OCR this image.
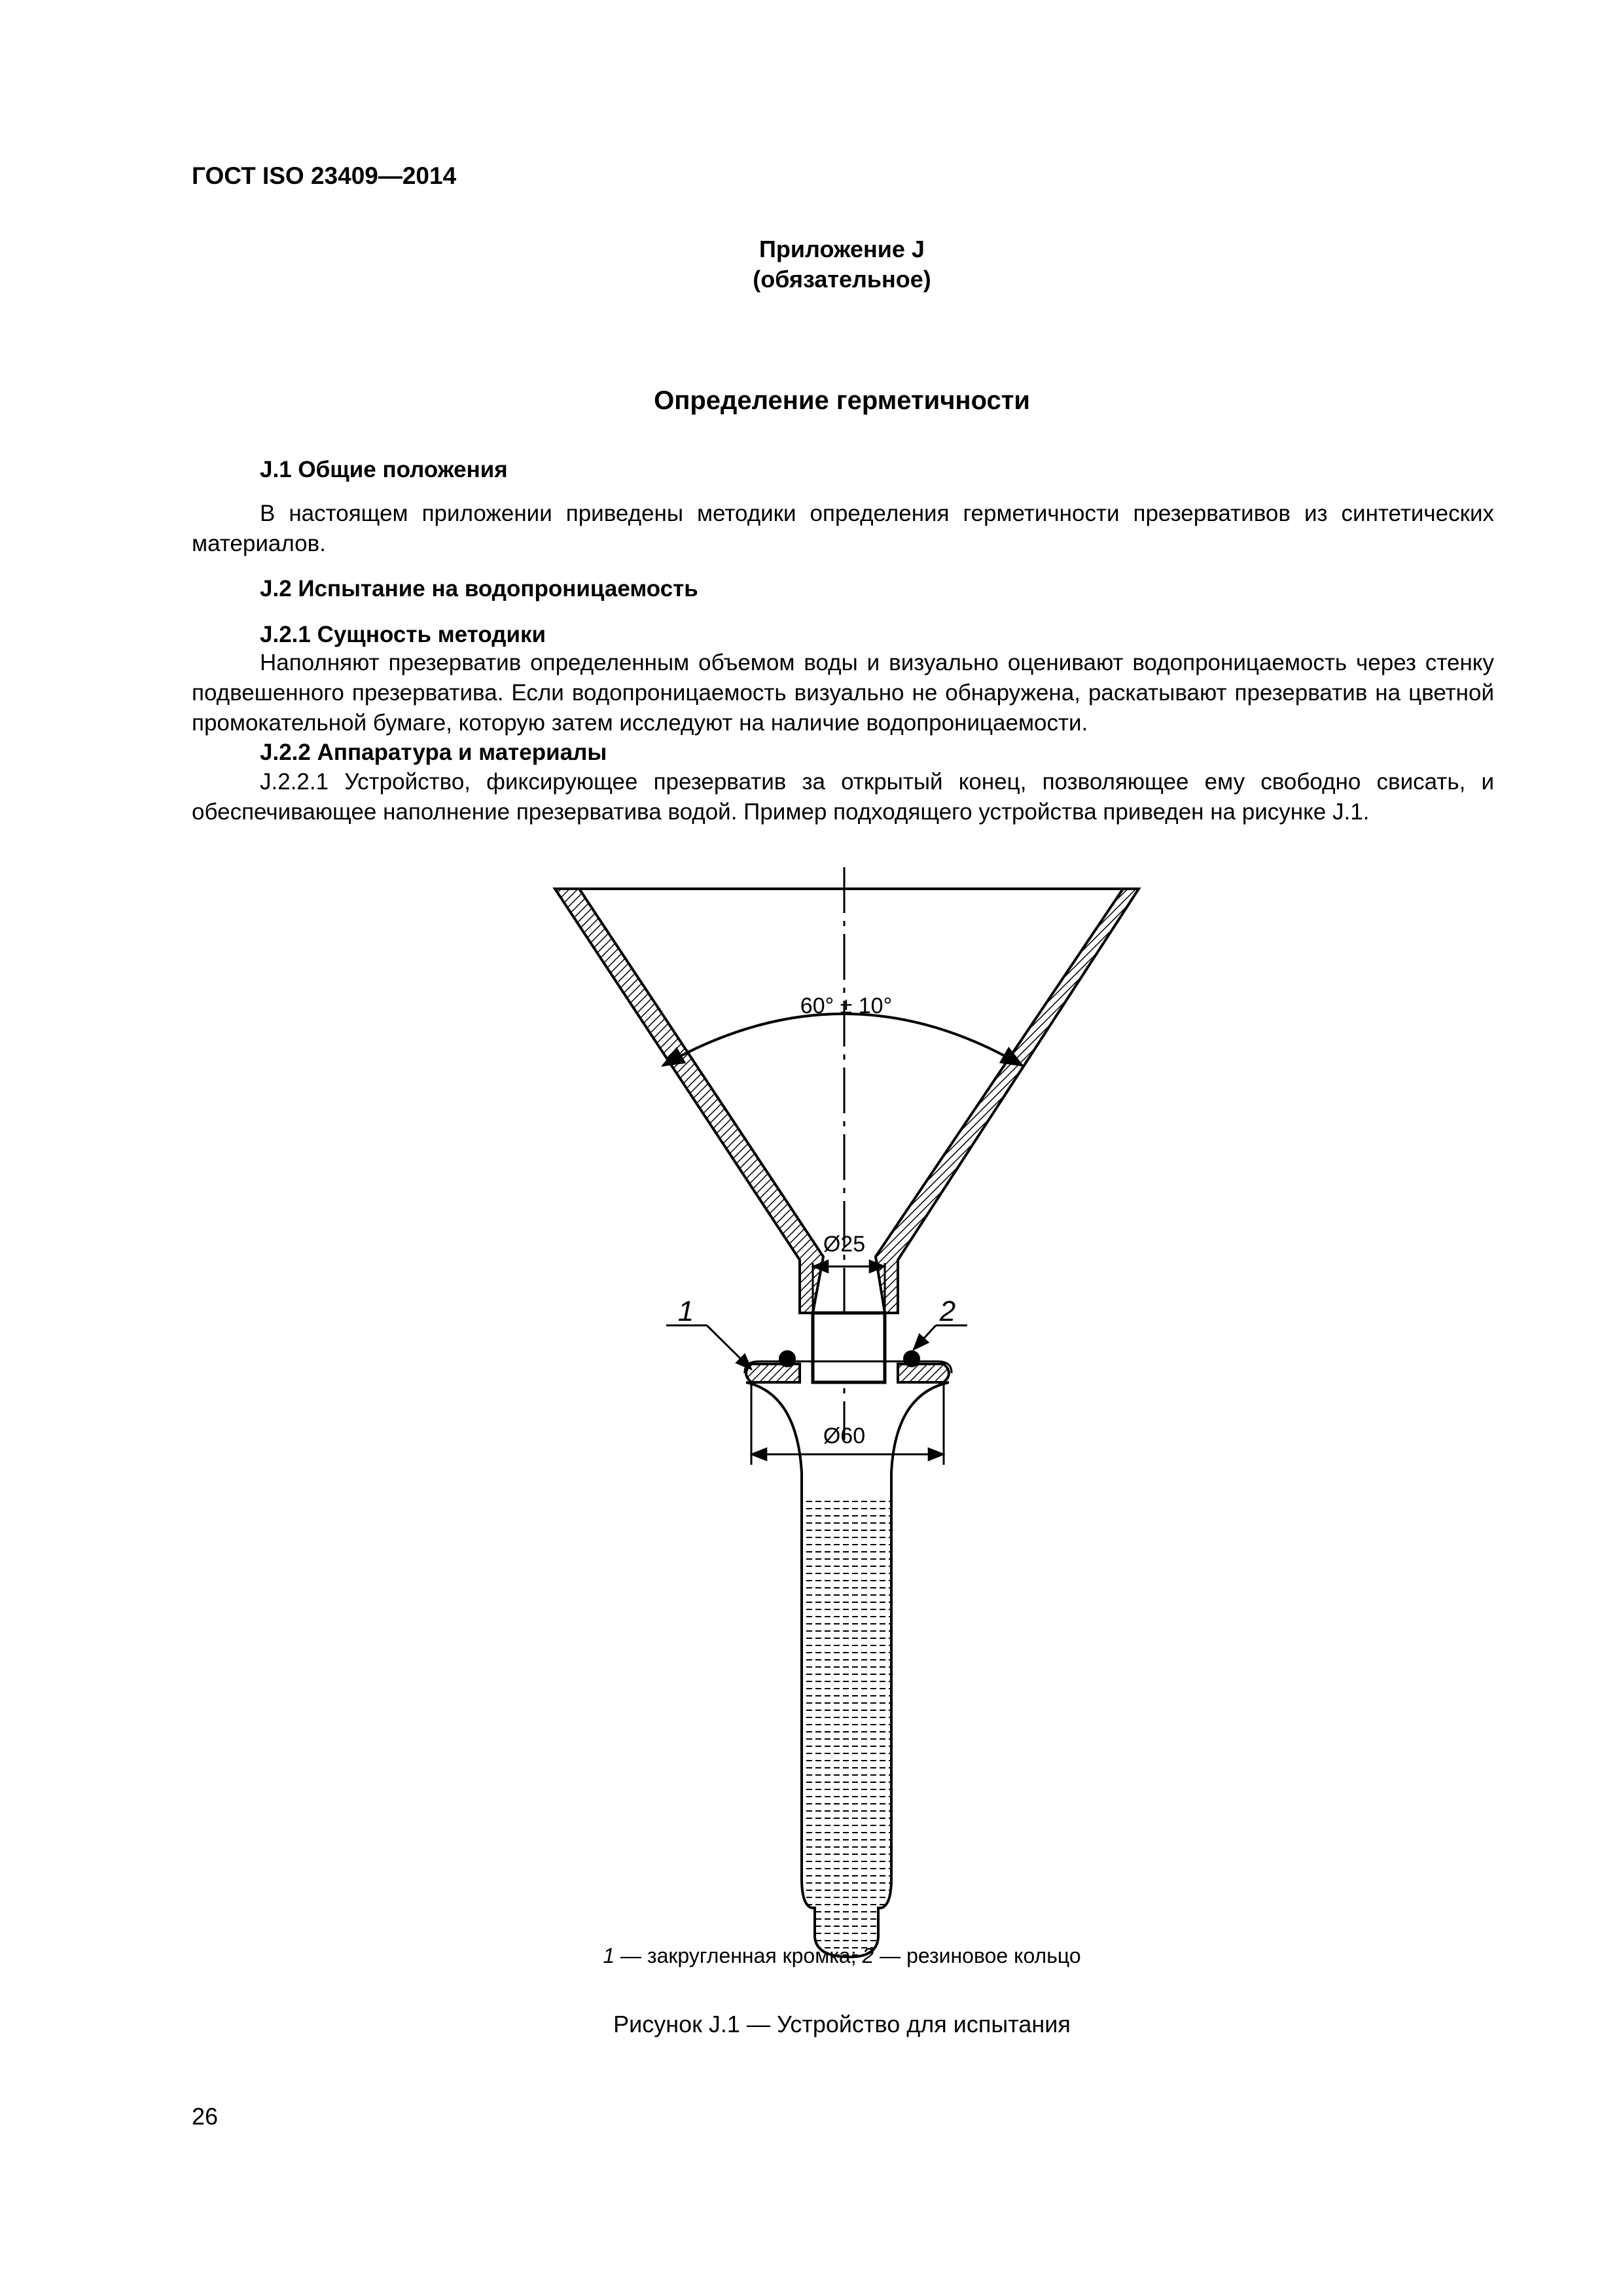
ГОСТ ISO 23409—2014
Приложение J
(обязательное)
Определение герметичности
J.1 Общие положения
В настоящем приложении приведены методики определения герметичности презервативов из синтетических материалов.
J.2 Испытание на водопроницаемость
J.2.1 Сущность методики
Наполняют презерватив определенным объемом воды и визуально оценивают водопроницаемость через стенку подвешенного презерватива. Если водопроницаемость визуально не обнаружена, раскатывают презерватив на цветной промокательной бумаге, которую затем исследуют на наличие водопроницаемости.
J.2.2 Аппаратура и материалы
J.2.2.1 Устройство, фиксирующее презерватив за открытый конец, позволяющее ему свободно свисать, и обеспечивающее наполнение презерватива водой. Пример подходящего устройства приведен на рисунке J.1.
60° ± 10°
Ø25
Ø60
1	2
1 — закругленная кромка; 2 — резиновое кольцо
Рисунок J.1 — Устройство для испытания
26
